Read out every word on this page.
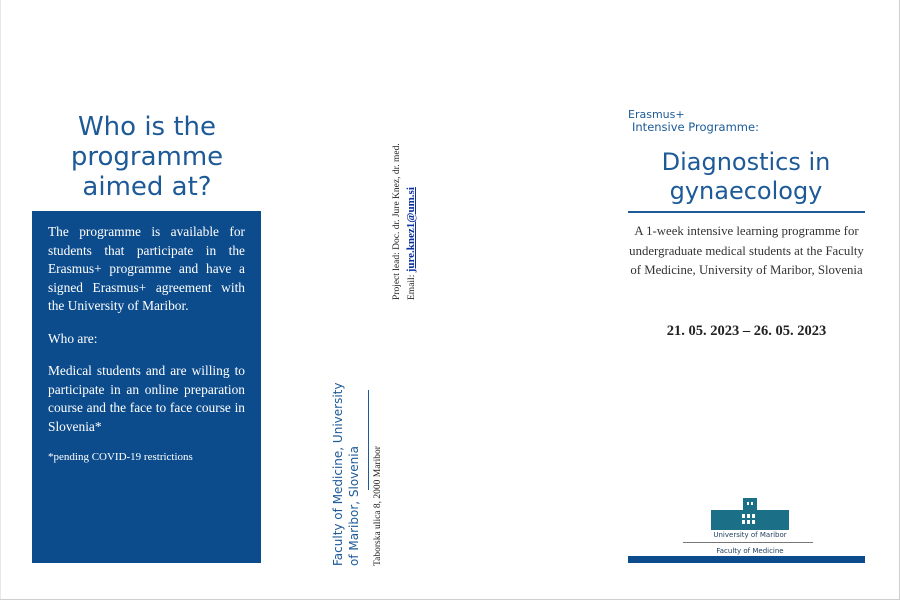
Who is the
programme
aimed at?

The programme is available for students that participate in the Erasmus+ programme and have a signed Erasmus+ agreement with the University of Maribor.

Who are:

Medical students and are willing to participate in an online preparation course and the face to face course in Slovenia*

*pending COVID-19 restrictions	Faculty of Medicine, University of Maribor, Slovenia Taborska ulica 8, 2000 Maribor
Project lead: Doc. dr. Jure Knez, dr. med. Email: jure.knez1@um.si
Erasmus+
Intensive Programme:
Diagnostics in
gynaecology
A 1-week intensive learning programme for undergraduate medical students at the Faculty of Medicine, University of Maribor, Slovenia
21. 05. 2023 – 26. 05. 2023
University of Maribor
Faculty of Medicine
